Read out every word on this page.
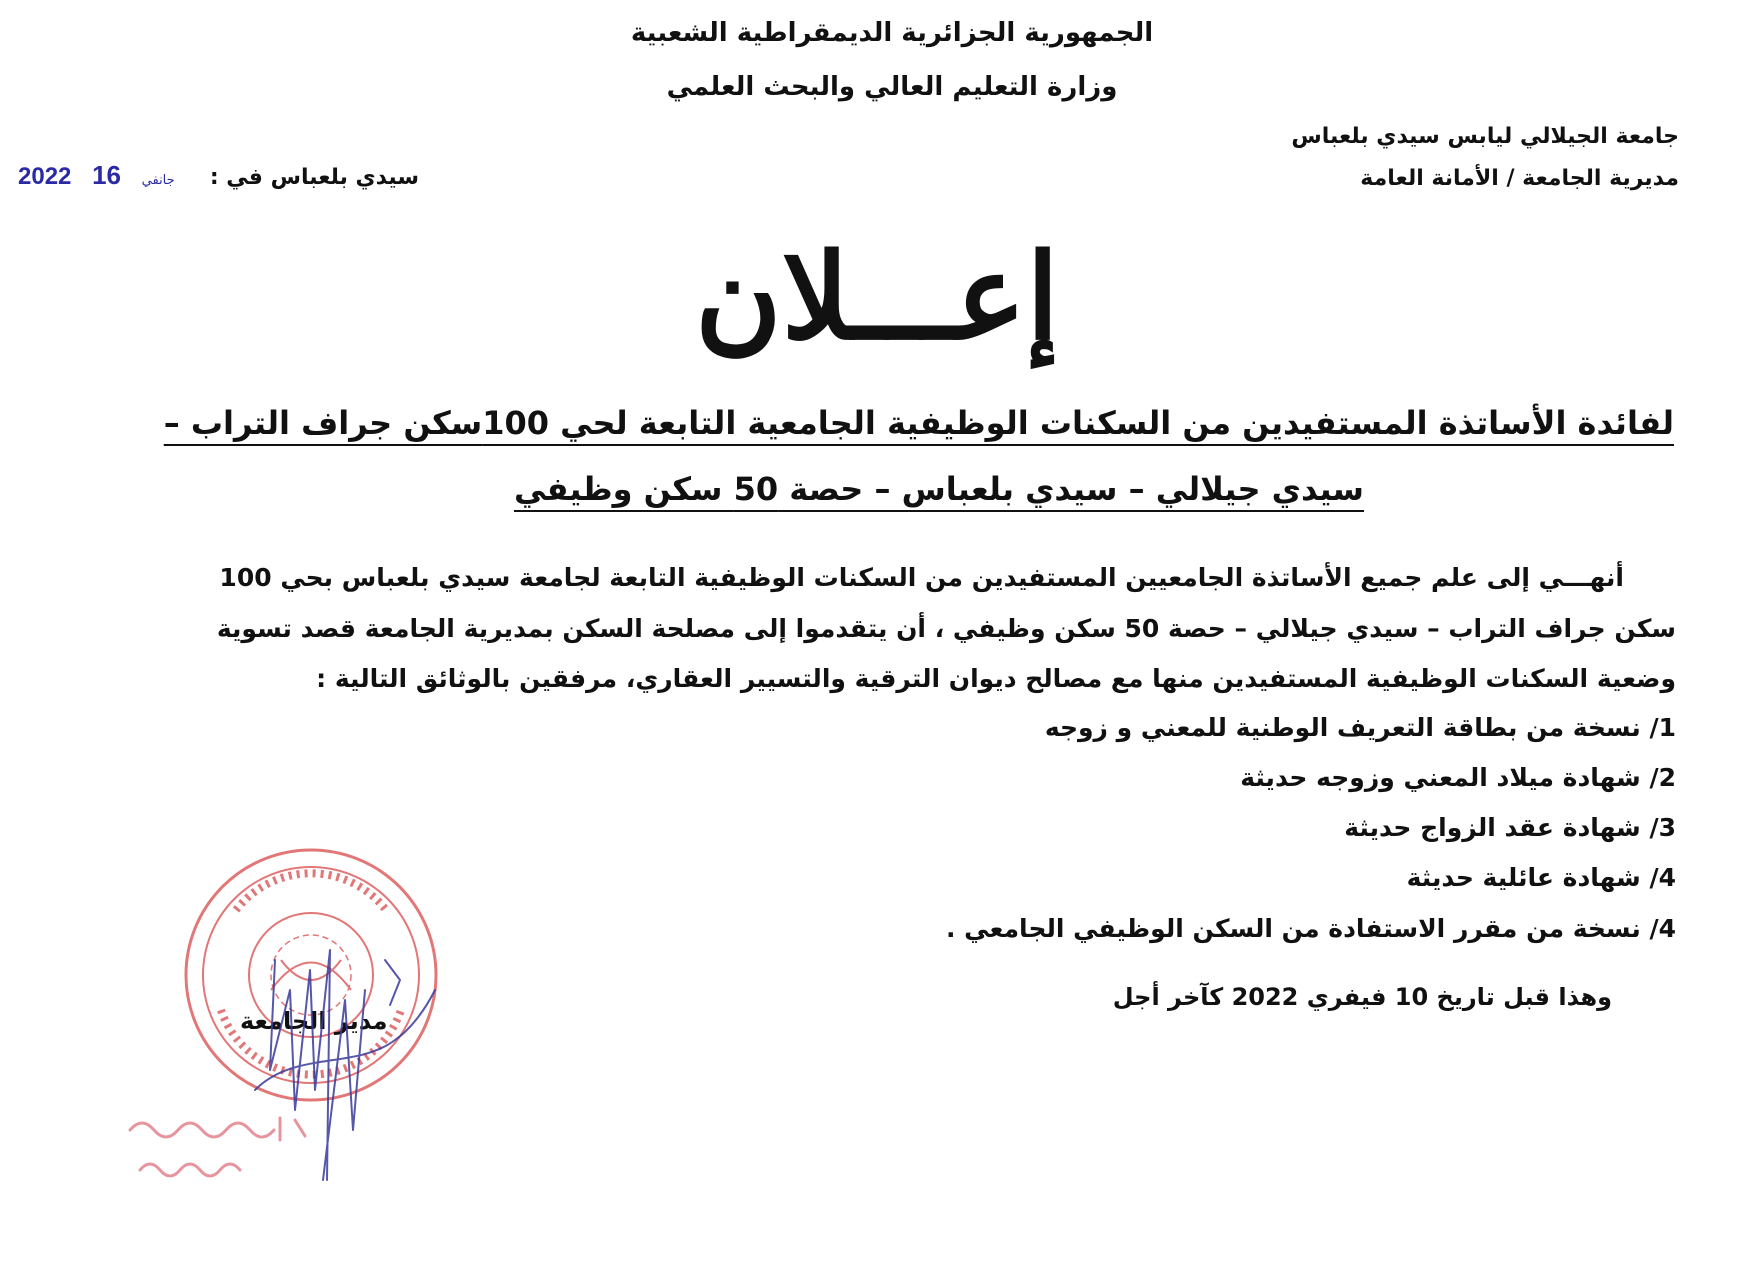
الجمهورية الجزائرية الديمقراطية الشعبية
وزارة التعليم العالي والبحث العلمي
جامعة الجيلالي ليابس سيدي بلعباس
مديرية الجامعة / الأمانة العامة
سيدي بلعباس في :
2022	جانفي 16
إعـــلان
لفائدة الأساتذة المستفيدين من السكنات الوظيفية الجامعية التابعة لحي 100سكن جراف التراب –
سيدي جيلالي – سيدي بلعباس – حصة 50 سكن وظيفي
أنهـــي إلى علم جميع الأساتذة الجامعيين المستفيدين من السكنات الوظيفية التابعة لجامعة سيدي بلعباس بحي 100
سكن جراف التراب – سيدي جيلالي – حصة 50 سكن وظيفي ، أن يتقدموا إلى مصلحة السكن بمديرية الجامعة قصد تسوية
وضعية السكنات الوظيفية المستفيدين منها مع مصالح ديوان الترقية والتسيير العقاري، مرفقين بالوثائق التالية :
1/ نسخة من بطاقة التعريف الوطنية للمعني و زوجه
2/ شهادة ميلاد المعني وزوجه حديثة
3/ شهادة عقد الزواج حديثة
4/ شهادة عائلية حديثة
4/ نسخة من مقرر الاستفادة من السكن الوظيفي الجامعي .
وهذا قبل تاريخ 10 فيفري 2022 كآخر أجل
مدير الجامعة
